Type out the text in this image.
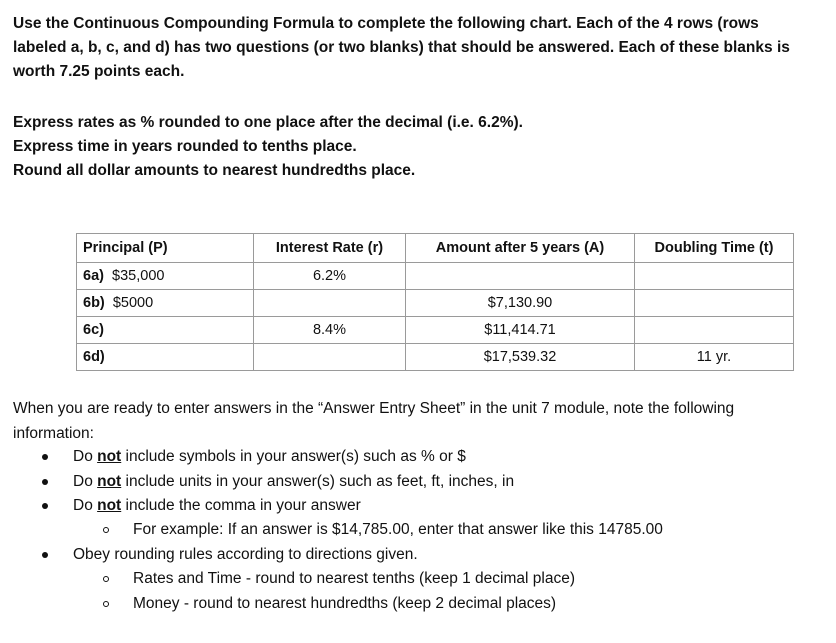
Use the Continuous Compounding Formula to complete the following chart. Each of the 4 rows (rows labeled a, b, c, and d) has two questions (or two blanks) that should be answered. Each of these blanks is worth 7.25 points each.
Express rates as % rounded to one place after the decimal (i.e. 6.2%).
Express time in years rounded to tenths place.
Round all dollar amounts to nearest hundredths place.
Principal (P)	Interest Rate (r)	Amount after 5 years (A)	Doubling Time (t)
6a) $35,000	6.2%		
6b) $5000		$7,130.90	
6c)	8.4%	$11,414.71	
6d)		$17,539.32	11 yr.
When you are ready to enter answers in the “Answer Entry Sheet” in the unit 7 module, note the following information:
Do not include symbols in your answer(s) such as % or $
Do not include units in your answer(s) such as feet, ft, inches, in
Do not include the comma in your answer
For example: If an answer is $14,785.00, enter that answer like this 14785.00
Obey rounding rules according to directions given.
Rates and Time - round to nearest tenths (keep 1 decimal place)
Money - round to nearest hundredths (keep 2 decimal places)
